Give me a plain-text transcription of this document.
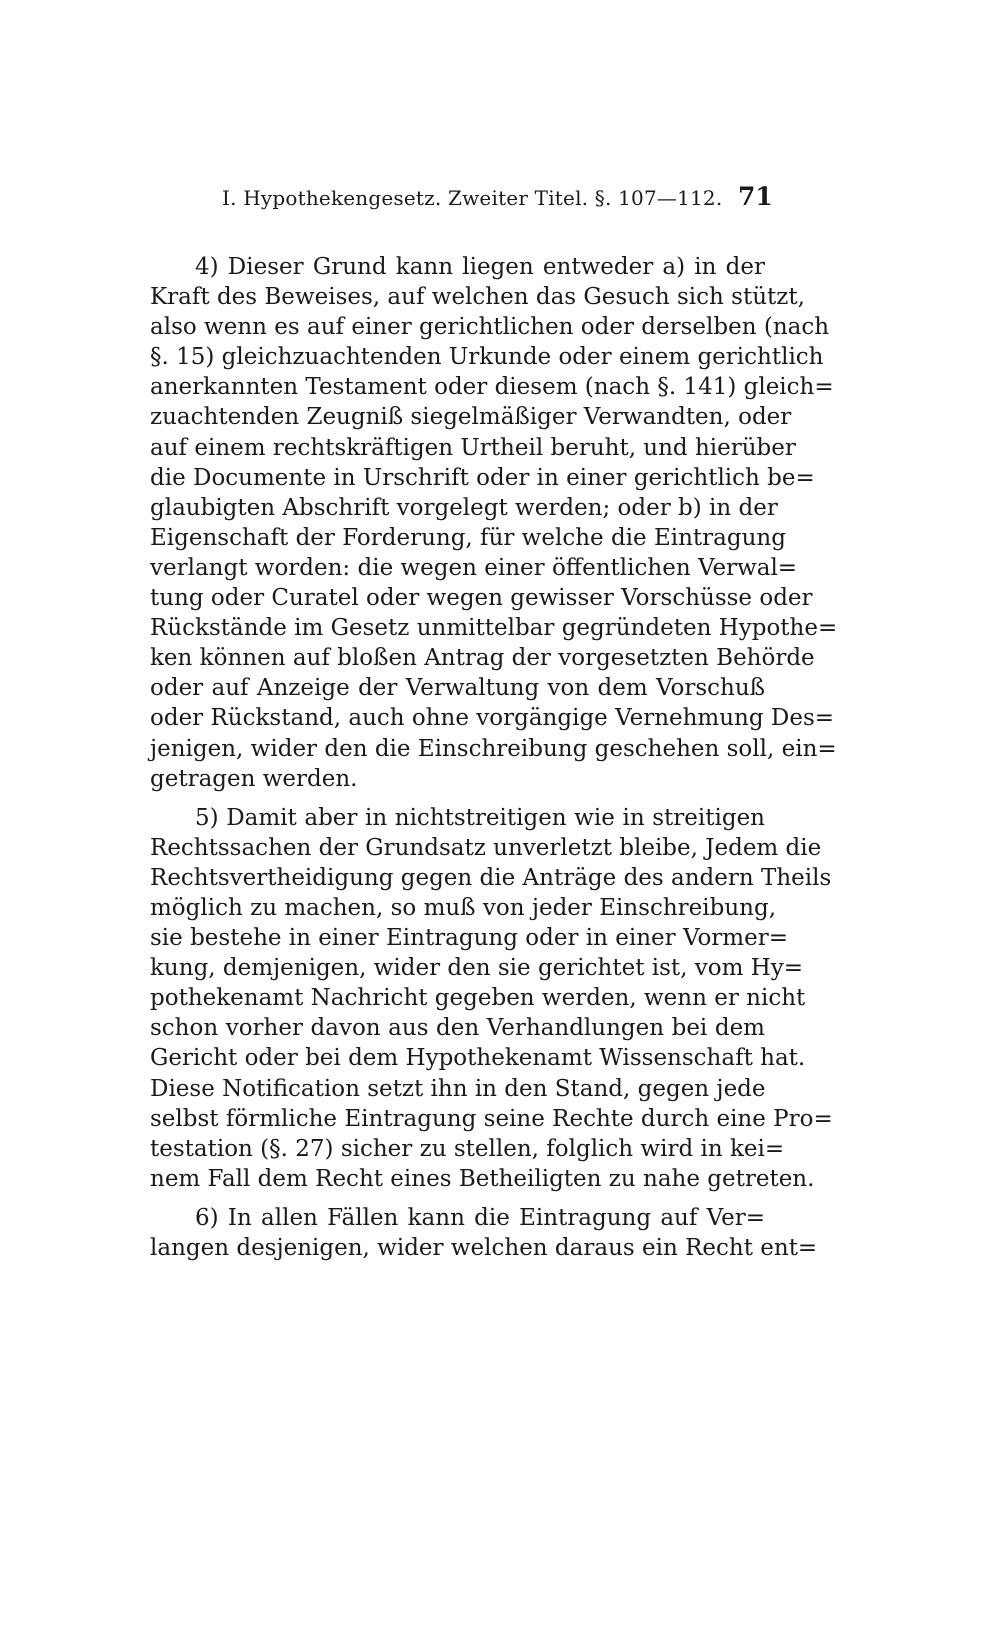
I. Hypothekengesetz. Zweiter Titel. §. 107—112. 71
4) Dieser Grund kann liegen entweder a) in der
Kraft des Beweises, auf welchen das Gesuch sich stützt,
also wenn es auf einer gerichtlichen oder derselben (nach
§. 15) gleichzuachtenden Urkunde oder einem gerichtlich
anerkannten Testament oder diesem (nach §. 141) gleich=
zuachtenden Zeugniß siegelmäßiger Verwandten, oder
auf einem rechtskräftigen Urtheil beruht, und hierüber
die Documente in Urschrift oder in einer gerichtlich be=
glaubigten Abschrift vorgelegt werden; oder b) in der
Eigenschaft der Forderung, für welche die Eintragung
verlangt worden: die wegen einer öffentlichen Verwal=
tung oder Curatel oder wegen gewisser Vorschüsse oder
Rückstände im Gesetz unmittelbar gegründeten Hypothe=
ken können auf bloßen Antrag der vorgesetzten Behörde
oder auf Anzeige der Verwaltung von dem Vorschuß
oder Rückstand, auch ohne vorgängige Vernehmung Des=
jenigen, wider den die Einschreibung geschehen soll, ein=
getragen werden.
5) Damit aber in nichtstreitigen wie in streitigen
Rechtssachen der Grundsatz unverletzt bleibe, Jedem die
Rechtsvertheidigung gegen die Anträge des andern Theils
möglich zu machen, so muß von jeder Einschreibung,
sie bestehe in einer Eintragung oder in einer Vormer=
kung, demjenigen, wider den sie gerichtet ist, vom Hy=
pothekenamt Nachricht gegeben werden, wenn er nicht
schon vorher davon aus den Verhandlungen bei dem
Gericht oder bei dem Hypothekenamt Wissenschaft hat.
Diese Notification setzt ihn in den Stand, gegen jede
selbst förmliche Eintragung seine Rechte durch eine Pro=
testation (§. 27) sicher zu stellen, folglich wird in kei=
nem Fall dem Recht eines Betheiligten zu nahe getreten.
6) In allen Fällen kann die Eintragung auf Ver=
langen desjenigen, wider welchen daraus ein Recht ent=
